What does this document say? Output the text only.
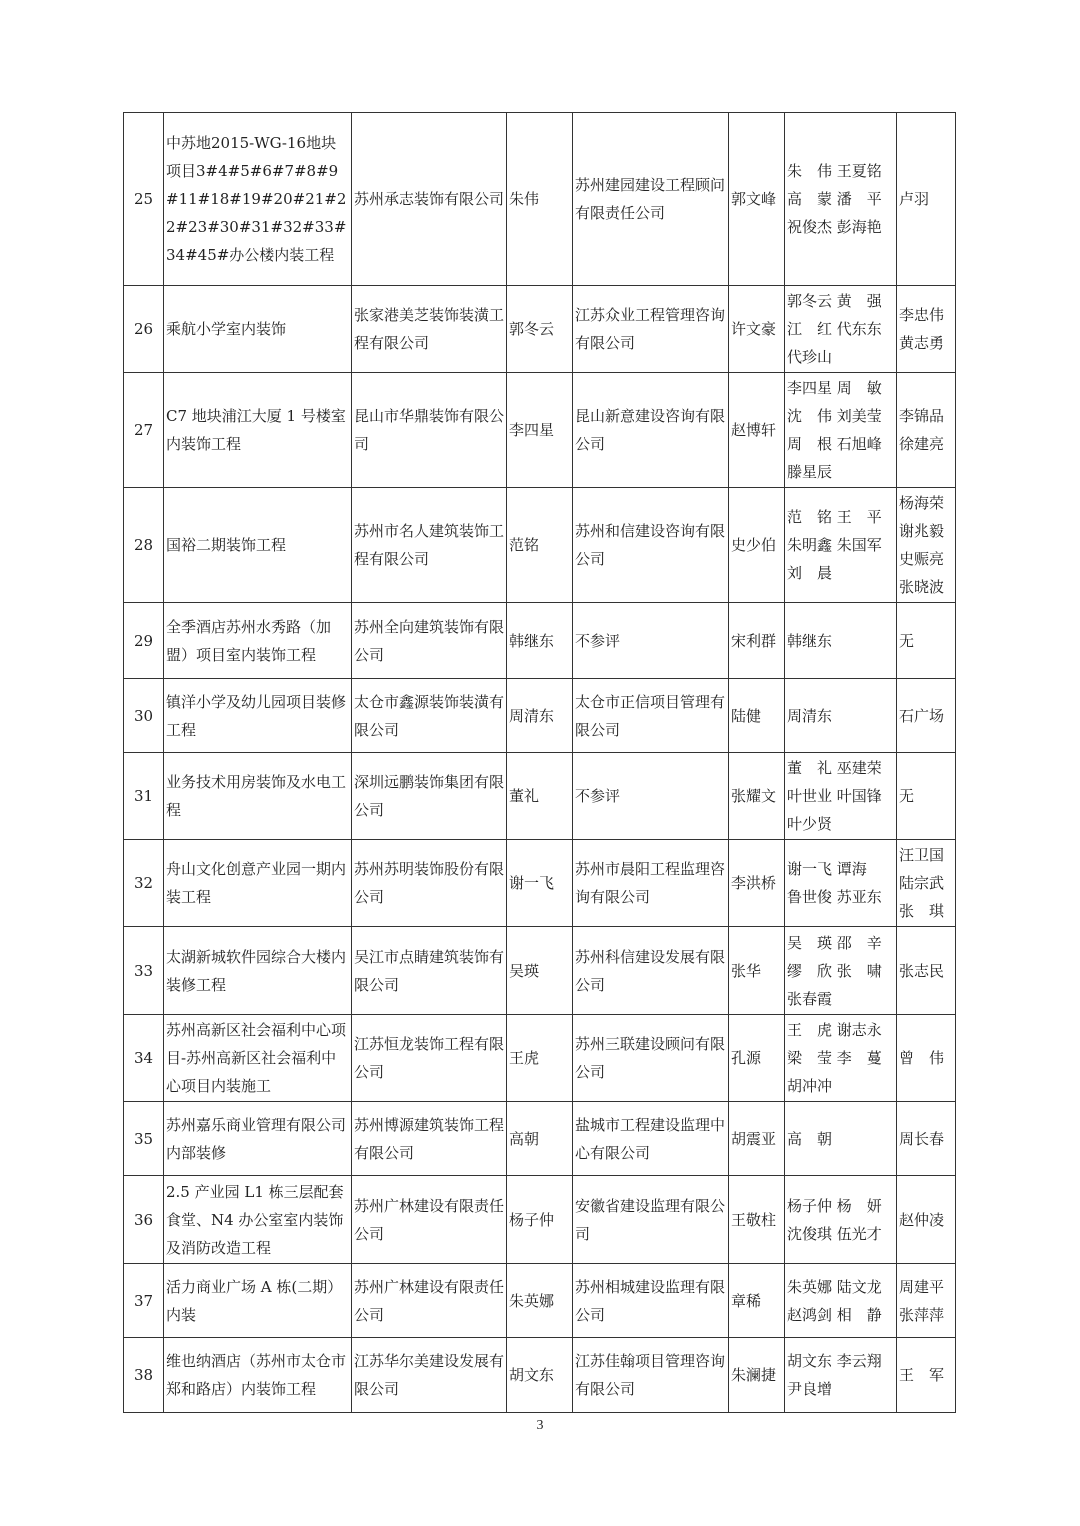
25	中苏地2015-WG-16地块项目3#4#5#6#7#8#9#11#18#19#20#21#22#23#30#31#32#33#34#45#办公楼内装工程	苏州承志装饰有限公司	朱伟	苏州建园建设工程顾问有限责任公司	郭文峰	朱　伟 王夏铭
高　蒙 潘　平
祝俊杰 彭海艳	卢羽

26	乘航小学室内装饰	张家港美芝装饰装潢工程有限公司	郭冬云	江苏众业工程管理咨询有限公司	许文豪	郭冬云 黄　强
江　红 代东东
代珍山	李忠伟
黄志勇

27	C7 地块浦江大厦 1 号楼室内装饰工程	昆山市华鼎装饰有限公司	李四星	昆山新意建设咨询有限公司	赵博轩	李四星 周　敏
沈　伟 刘美莹
周　根 石旭峰
滕星辰	李锦品
徐建亮

28	国裕二期装饰工程	苏州市名人建筑装饰工程有限公司	范铭	苏州和信建设咨询有限公司	史少伯	范　铭 王　平
朱明鑫 朱国军
刘　晨	杨海荣
谢兆毅
史赈亮
张晓波

29	全季酒店苏州水秀路（加盟）项目室内装饰工程	苏州全向建筑装饰有限公司	韩继东	不参评	宋利群	韩继东	无

30	镇洋小学及幼儿园项目装修工程	太仓市鑫源装饰装潢有限公司	周清东	太仓市正信项目管理有限公司	陆健	周清东	石广场

31	业务技术用房装饰及水电工程	深圳远鹏装饰集团有限公司	董礼	不参评	张耀文	董　礼 巫建荣
叶世业 叶国锋
叶少贤	无

32	舟山文化创意产业园一期内装工程	苏州苏明装饰股份有限公司	谢一飞	苏州市晨阳工程监理咨询有限公司	李洪桥	谢一飞 谭海
鲁世俊 苏亚东	汪卫国
陆宗武
张　琪

33	太湖新城软件园综合大楼内装修工程	吴江市点睛建筑装饰有限公司	吴瑛	苏州科信建设发展有限公司	张华	吴　瑛 邵　辛
缪　欣 张　啸
张春霞	张志民

34	苏州高新区社会福利中心项目-苏州高新区社会福利中心项目内装施工	江苏恒龙装饰工程有限公司	王虎	苏州三联建设顾问有限公司	孔源	王　虎 谢志永
梁　莹 李　蔓
胡冲冲	曾　伟

35	苏州嘉乐商业管理有限公司内部装修	苏州博源建筑装饰工程有限公司	高朝	盐城市工程建设监理中心有限公司	胡震亚	高　朝	周长春

36	2.5 产业园 L1 栋三层配套食堂、N4 办公室室内装饰及消防改造工程	苏州广林建设有限责任公司	杨子仲	安徽省建设监理有限公司	王敬柱	杨子仲 杨　妍
沈俊琪 伍光才	赵仲凌

37	活力商业广场 A 栋(二期）内装	苏州广林建设有限责任公司	朱英娜	苏州相城建设监理有限公司	章稀	朱英娜 陆文龙
赵鸿剑 相　静	周建平
张萍萍

38	维也纳酒店（苏州市太仓市郑和路店）内装饰工程	江苏华尔美建设发展有限公司	胡文东	江苏佳翰项目管理咨询有限公司	朱澜捷	胡文东 李云翔
尹良增	王　军
3
